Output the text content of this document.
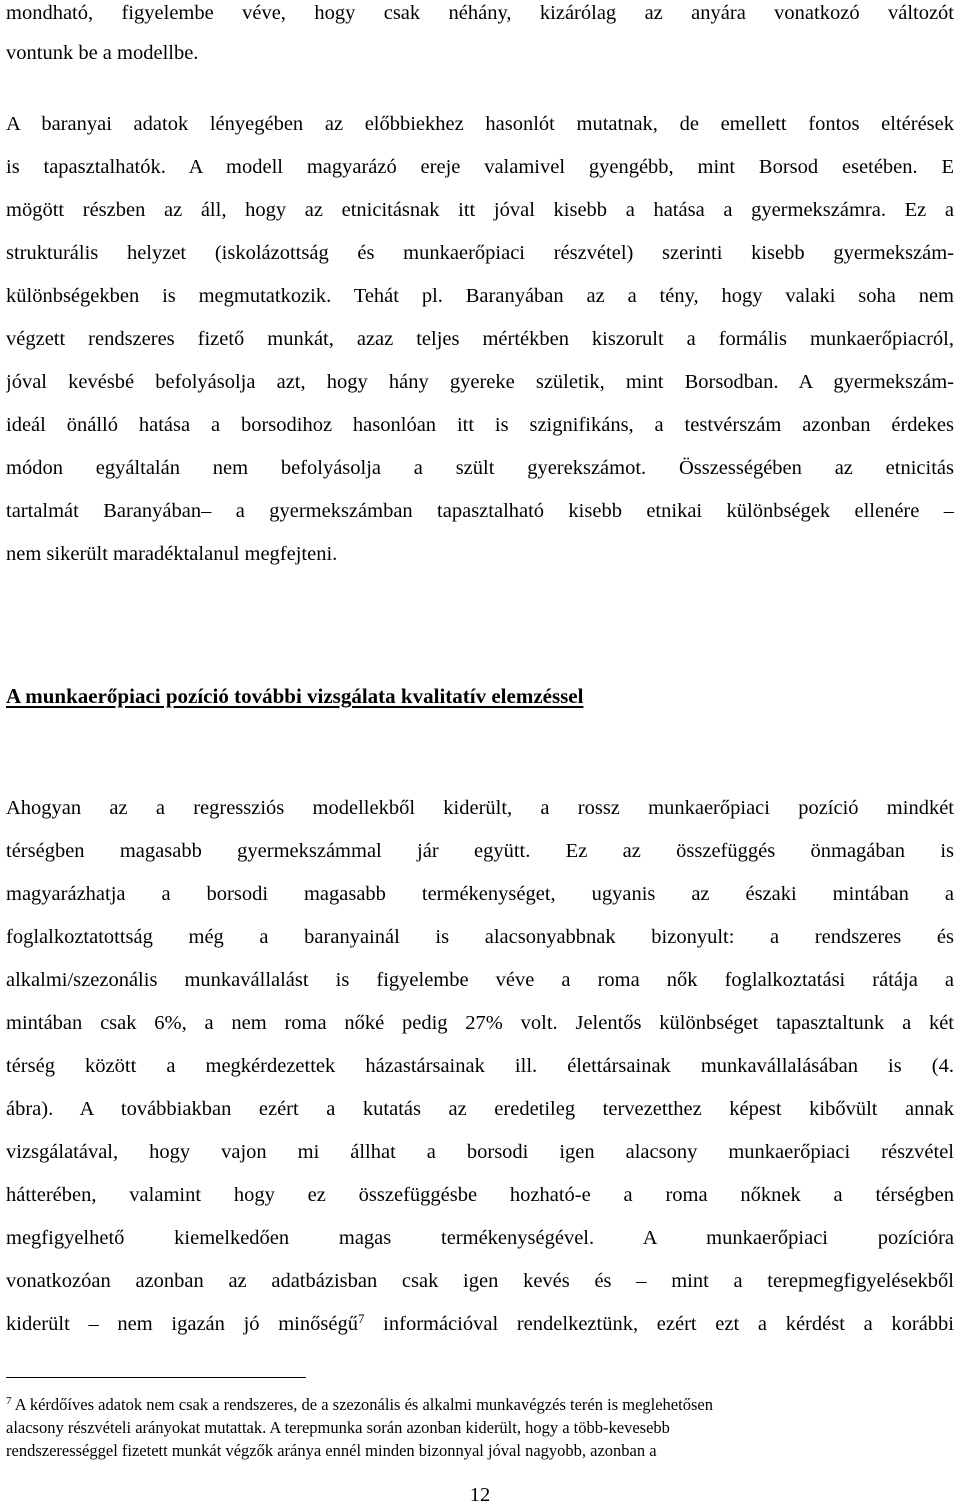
mondható, figyelembe véve, hogy csak néhány, kizárólag az anyára vonatkozó változót
vontunk be a modellbe.
A baranyai adatok lényegében az előbbiekhez hasonlót mutatnak, de emellett fontos eltérések
is tapasztalhatók. A modell magyarázó ereje valamivel gyengébb, mint Borsod esetében. E
mögött részben az áll, hogy az etnicitásnak itt jóval kisebb a hatása a gyermekszámra. Ez a
strukturális helyzet (iskolázottság és munkaerőpiaci részvétel) szerinti kisebb gyermekszám-
különbségekben is megmutatkozik. Tehát pl. Baranyában az a tény, hogy valaki soha nem
végzett rendszeres fizető munkát, azaz teljes mértékben kiszorult a formális munkaerőpiacról,
jóval kevésbé befolyásolja azt, hogy hány gyereke születik, mint Borsodban. A gyermekszám-
ideál önálló hatása a borsodihoz hasonlóan itt is szignifikáns, a testvérszám azonban érdekes
módon egyáltalán nem befolyásolja a szült gyerekszámot. Összességében az etnicitás
tartalmát Baranyában– a gyermekszámban tapasztalható kisebb etnikai különbségek ellenére –
nem sikerült maradéktalanul megfejteni.
A munkaerőpiaci pozíció további vizsgálata kvalitatív elemzéssel
Ahogyan az a regressziós modellekből kiderült, a rossz munkaerőpiaci pozíció mindkét
térségben magasabb gyermekszámmal jár együtt. Ez az összefüggés önmagában is
magyarázhatja a borsodi magasabb termékenységet, ugyanis az északi mintában a
foglalkoztatottság még a baranyainál is alacsonyabbnak bizonyult: a rendszeres és
alkalmi/szezonális munkavállalást is figyelembe véve a roma nők foglalkoztatási rátája a
mintában csak 6%, a nem roma nőké pedig 27% volt. Jelentős különbséget tapasztaltunk a két
térség között a megkérdezettek házastársainak ill. élettársainak munkavállalásában is (4.
ábra). A továbbiakban ezért a kutatás az eredetileg tervezetthez képest kibővült annak
vizsgálatával, hogy vajon mi állhat a borsodi igen alacsony munkaerőpiaci részvétel
hátterében, valamint hogy ez összefüggésbe hozható-e a roma nőknek a térségben
megfigyelhető kiemelkedően magas termékenységével. A munkaerőpiaci pozícióra
vonatkozóan azonban az adatbázisban csak igen kevés és – mint a terepmegfigyelésekből
kiderült – nem igazán jó minőségű$^7$ információval rendelkeztünk, ezért ezt a kérdést a korábbi
$^7$ A kérdőíves adatok nem csak a rendszeres, de a szezonális és alkalmi munkavégzés terén is meglehetősen
alacsony részvételi arányokat mutattak. A terepmunka során azonban kiderült, hogy a több-kevesebb
rendszerességgel fizetett munkát végzők aránya ennél minden bizonnyal jóval nagyobb, azonban a
12
